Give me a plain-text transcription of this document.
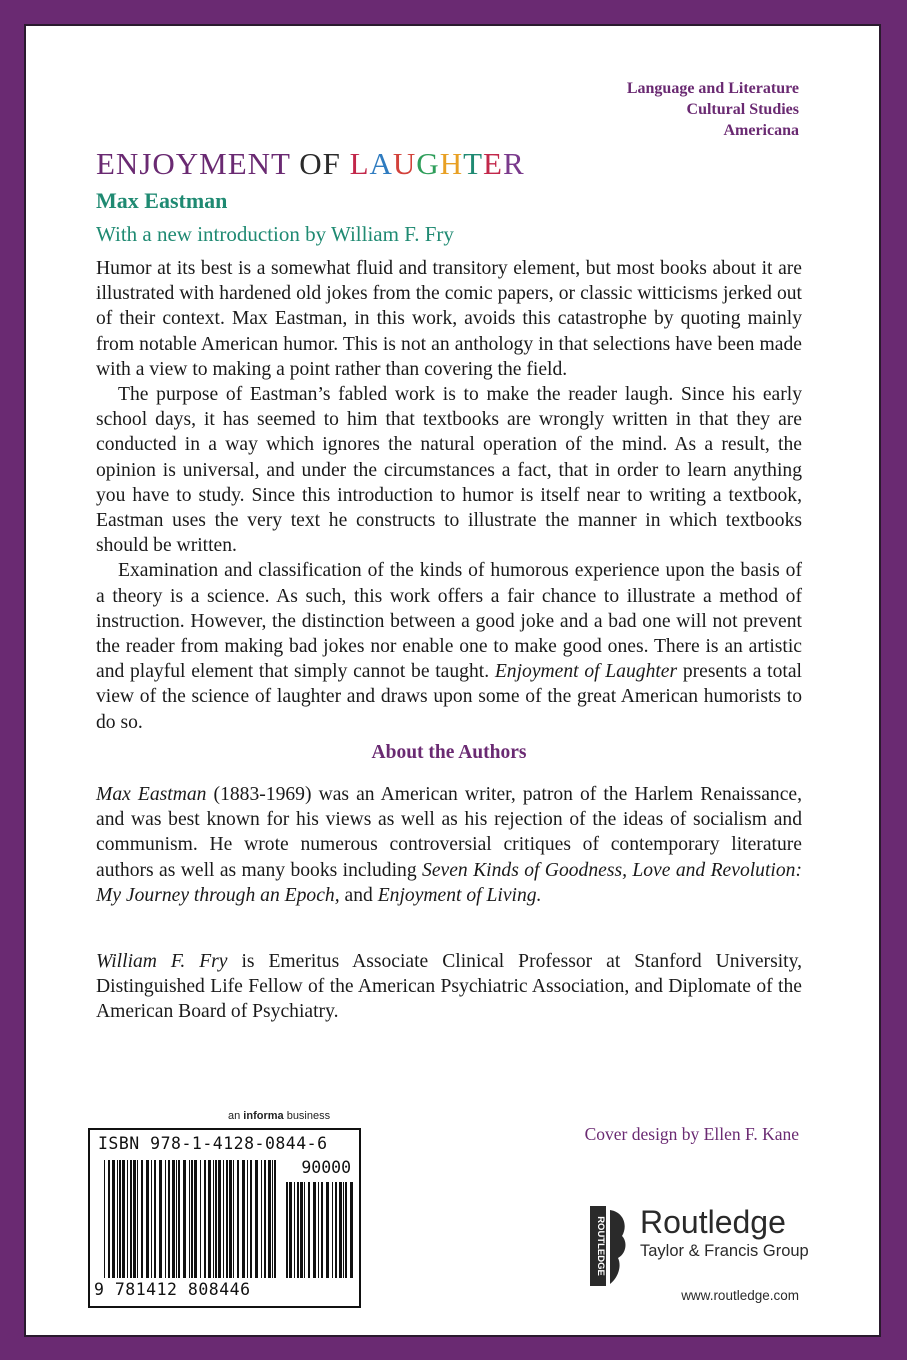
Language and Literature
Cultural Studies
Americana
ENJOYMENT OF LAUGHTER
Max Eastman
With a new introduction by William F. Fry

Humor at its best is a somewhat fluid and transitory element, but most books about it are illustrated with hardened old jokes from the comic papers, or classic witticisms jerked out of their context. Max Eastman, in this work, avoids this catastrophe by quoting mainly from notable American humor. This is not an anthology in that selections have been made with a view to making a point rather than covering the field.

The purpose of Eastman’s fabled work is to make the reader laugh. Since his early school days, it has seemed to him that textbooks are wrongly written in that they are conducted in a way which ignores the natural operation of the mind. As a result, the opinion is universal, and under the circumstances a fact, that in order to learn anything you have to study. Since this introduction to humor is itself near to writing a textbook, Eastman uses the very text he constructs to illustrate the manner in which textbooks should be written.

Examination and classification of the kinds of humorous experience upon the basis of a theory is a science. As such, this work offers a fair chance to illustrate a method of instruction. However, the distinction between a good joke and a bad one will not prevent the reader from making bad jokes nor enable one to make good ones. There is an artistic and playful element that simply cannot be taught. Enjoyment of Laughter presents a total view of the science of laughter and draws upon some of the great American humorists to do so.

About the Authors

Max Eastman (1883-1969) was an American writer, patron of the Harlem Renaissance, and was best known for his views as well as his rejection of the ideas of socialism and communism. He wrote numerous controversial critiques of contemporary literature authors as well as many books including Seven Kinds of Goodness, Love and Revolution: My Journey through an Epoch, and Enjoyment of Living.

William F. Fry is Emeritus Associate Clinical Professor at Stanford University, Distinguished Life Fellow of the American Psychiatric Association, and Diplomate of the American Board of Psychiatry.

an informa business
ISBN 978-1-4128-0844-6
90000
9 781412 808446
Cover design by Ellen F. Kane
ROUTLEDGE Routledge
Taylor & Francis Group
www.routledge.com
